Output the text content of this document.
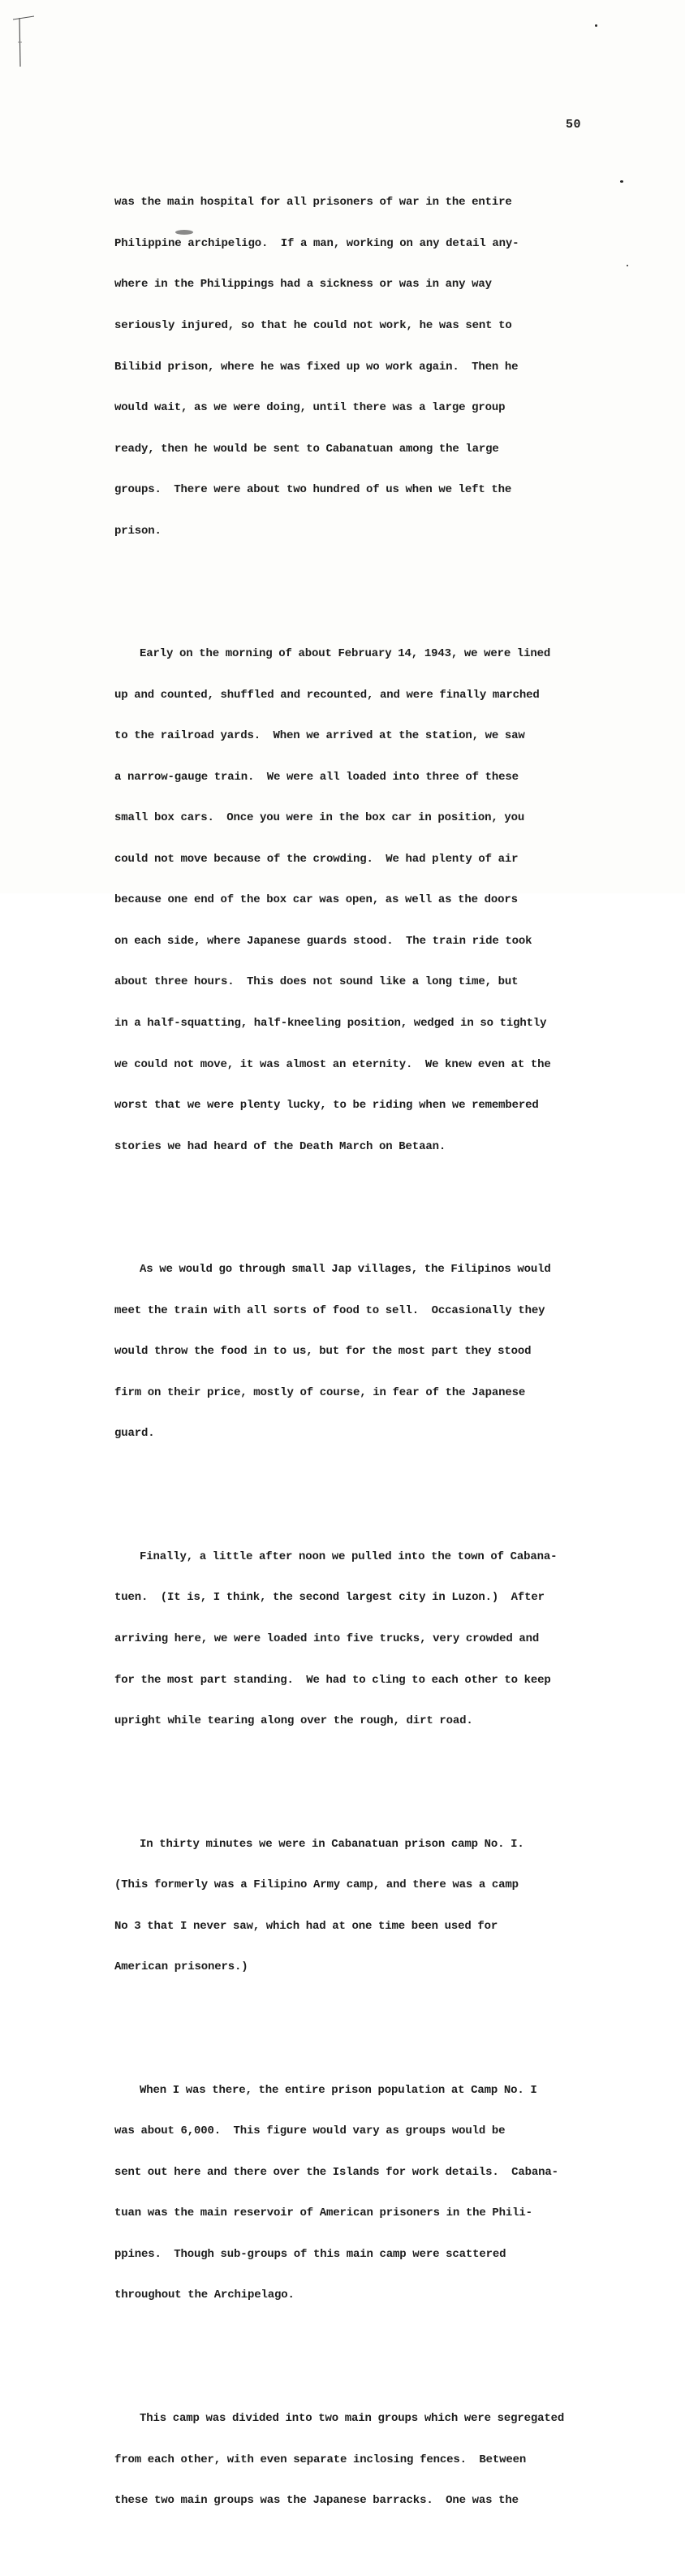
50

was the main hospital for all prisoners of war in the entire

Philippine archipeligo.  If a man, working on any detail any-

where in the Philippings had a sickness or was in any way

seriously injured, so that he could not work, he was sent to

Bilibid prison, where he was fixed up wo work again.  Then he

would wait, as we were doing, until there was a large group

ready, then he would be sent to Cabanatuan among the large

groups.  There were about two hundred of us when we left the

prison.

Early on the morning of about February 14, 1943, we were lined

up and counted, shuffled and recounted, and were finally marched

to the railroad yards.  When we arrived at the station, we saw

a narrow-gauge train.  We were all loaded into three of these

small box cars.  Once you were in the box car in position, you

could not move because of the crowding.  We had plenty of air

because one end of the box car was open, as well as the doors

on each side, where Japanese guards stood.  The train ride took

about three hours.  This does not sound like a long time, but

in a half-squatting, half-kneeling position, wedged in so tightly

we could not move, it was almost an eternity.  We knew even at the

worst that we were plenty lucky, to be riding when we remembered

stories we had heard of the Death March on Betaan.

As we would go through small Jap villages, the Filipinos would

meet the train with all sorts of food to sell.  Occasionally they

would throw the food in to us, but for the most part they stood

firm on their price, mostly of course, in fear of the Japanese

guard.

Finally, a little after noon we pulled into the town of Cabana-

tuen.  (It is, I think, the second largest city in Luzon.)  After

arriving here, we were loaded into five trucks, very crowded and

for the most part standing.  We had to cling to each other to keep

upright while tearing along over the rough, dirt road.

In thirty minutes we were in Cabanatuan prison camp No. I.

(This formerly was a Filipino Army camp, and there was a camp

No 3 that I never saw, which had at one time been used for

American prisoners.)

When I was there, the entire prison population at Camp No. I

was about 6,000.  This figure would vary as groups would be

sent out here and there over the Islands for work details.  Cabana-

tuan was the main reservoir of American prisoners in the Phili-

ppines.  Though sub-groups of this main camp were scattered

throughout the Archipelago.

This camp was divided into two main groups which were segregated

from each other, with even separate inclosing fences.  Between

these two main groups was the Japanese barracks.  One was the
